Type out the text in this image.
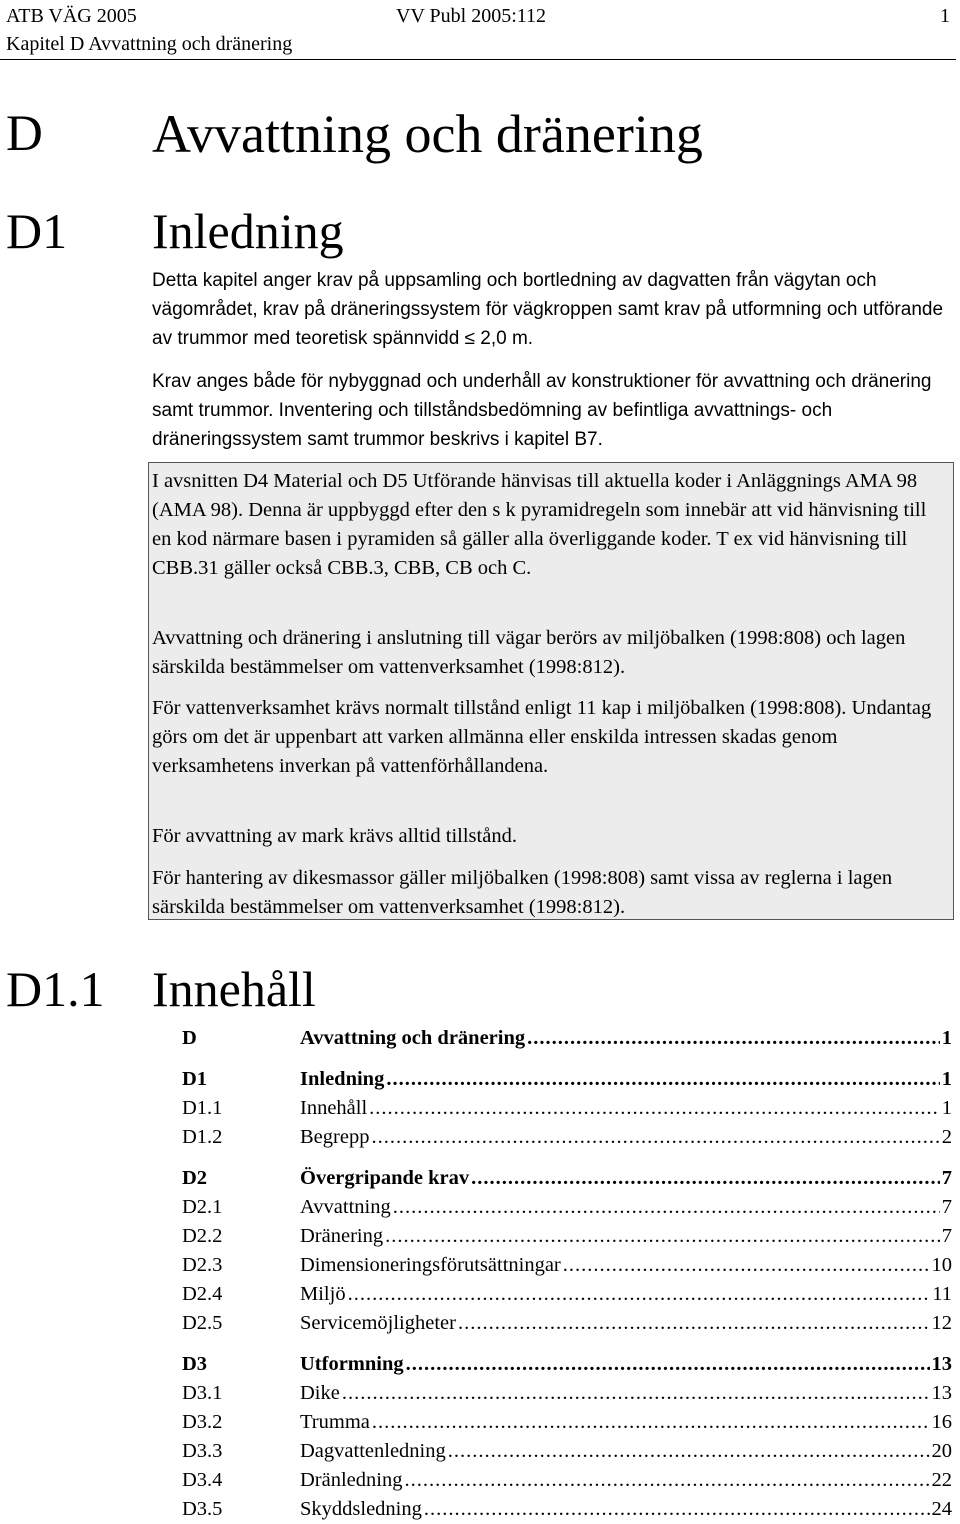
ATB VÄG 2005
Kapitel D Avvattning och dränering
VV Publ 2005:112	1
D Avvattning och dränering
D1 Inledning

Detta kapitel anger krav på uppsamling och bortledning av dagvatten från vägytan och vägområdet, krav på dräneringssystem för vägkroppen samt krav på utformning och utförande av trummor med teoretisk spännvidd ≤ 2,0 m.

Krav anges både för nybyggnad och underhåll av konstruktioner för avvattning och dränering samt trummor. Inventering och tillståndsbedömning av befintliga avvattnings- och dräneringssystem samt trummor beskrivs i kapitel B7.

I avsnitten D4 Material och D5 Utförande hänvisas till aktuella koder i Anläggnings AMA 98 (AMA 98). Denna är uppbyggd efter den s k pyramidregeln som innebär att vid hänvisning till en kod närmare basen i pyramiden så gäller alla överliggande koder. T ex vid hänvisning till CBB.31 gäller också CBB.3, CBB, CB och C.

Avvattning och dränering i anslutning till vägar berörs av miljöbalken (1998:808) och lagen särskilda bestämmelser om vattenverksamhet (1998:812).

För vattenverksamhet krävs normalt tillstånd enligt 11 kap i miljöbalken (1998:808). Undantag görs om det är uppenbart att varken allmänna eller enskilda intressen skadas genom verksamhetens inverkan på vattenförhållandena.

För avvattning av mark krävs alltid tillstånd.

För hantering av dikesmassor gäller miljöbalken (1998:808) samt vissa av reglerna i lagen särskilda bestämmelser om vattenverksamhet (1998:812).

D1.1 Innehåll
D	Avvattning och dränering .....	1
D1	Inledning .....	1
D1.1	Innehåll .....	1
D1.2	Begrepp .....	2
D2	Övergripande krav .....	7
D2.1	Avvattning .....	7
D2.2	Dränering .....	7
D2.3	Dimensioneringsförutsättningar .....	10
D2.4	Miljö .....	11
D2.5	Servicemöjligheter .....	12
D3	Utformning .....	13
D3.1	Dike .....	13
D3.2	Trumma .....	16
D3.3	Dagvattenledning .....	20
D3.4	Dränledning .....	22
D3.5	Skyddsledning .....	24
